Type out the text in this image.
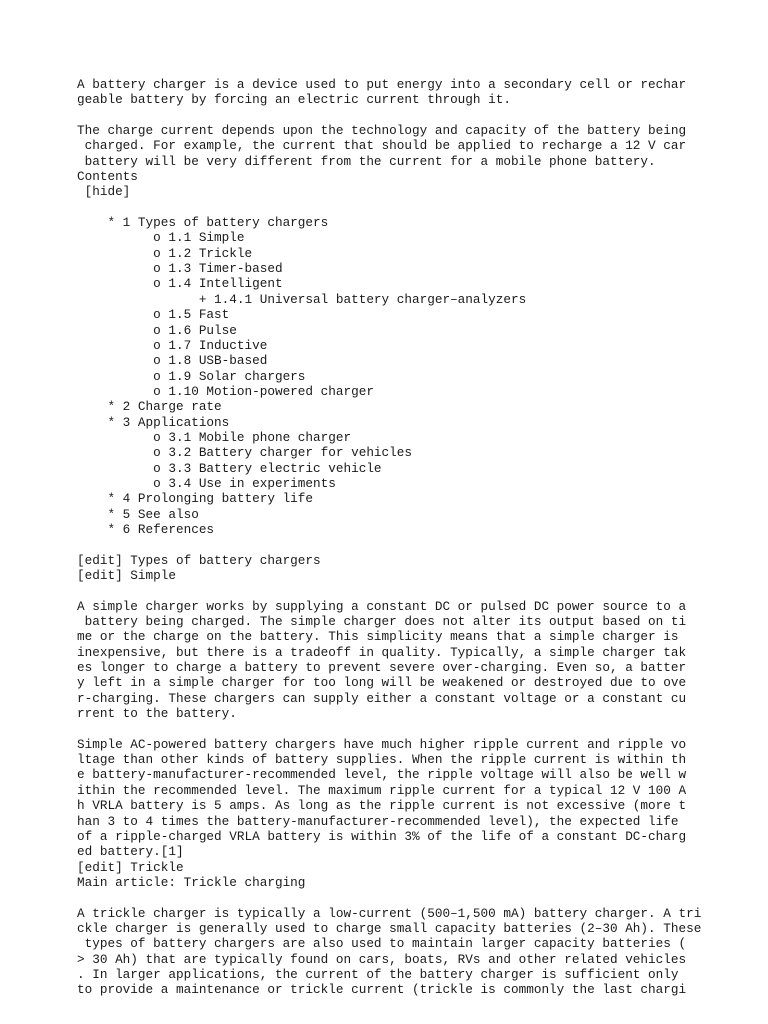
A battery charger is a device used to put energy into a secondary cell or rechar
geable battery by forcing an electric current through it.
The charge current depends upon the technology and capacity of the battery being
charged. For example, the current that should be applied to recharge a 12 V car
battery will be very different from the current for a mobile phone battery.
Contents
[hide]
* 1 Types of battery chargers
o 1.1 Simple
o 1.2 Trickle
o 1.3 Timer-based
o 1.4 Intelligent
+ 1.4.1 Universal battery charger–analyzers
o 1.5 Fast
o 1.6 Pulse
o 1.7 Inductive
o 1.8 USB-based
o 1.9 Solar chargers
o 1.10 Motion-powered charger
* 2 Charge rate
* 3 Applications
o 3.1 Mobile phone charger
o 3.2 Battery charger for vehicles
o 3.3 Battery electric vehicle
o 3.4 Use in experiments
* 4 Prolonging battery life
* 5 See also
* 6 References
[edit] Types of battery chargers
[edit] Simple
A simple charger works by supplying a constant DC or pulsed DC power source to a
battery being charged. The simple charger does not alter its output based on ti
me or the charge on the battery. This simplicity means that a simple charger is
inexpensive, but there is a tradeoff in quality. Typically, a simple charger tak
es longer to charge a battery to prevent severe over-charging. Even so, a batter
y left in a simple charger for too long will be weakened or destroyed due to ove
r-charging. These chargers can supply either a constant voltage or a constant cu
rrent to the battery.
Simple AC-powered battery chargers have much higher ripple current and ripple vo
ltage than other kinds of battery supplies. When the ripple current is within th
e battery-manufacturer-recommended level, the ripple voltage will also be well w
ithin the recommended level. The maximum ripple current for a typical 12 V 100 A
h VRLA battery is 5 amps. As long as the ripple current is not excessive (more t
han 3 to 4 times the battery-manufacturer-recommended level), the expected life
of a ripple-charged VRLA battery is within 3% of the life of a constant DC-charg
ed battery.[1]
[edit] Trickle
Main article: Trickle charging
A trickle charger is typically a low-current (500–1,500 mA) battery charger. A tri
ckle charger is generally used to charge small capacity batteries (2–30 Ah). These
types of battery chargers are also used to maintain larger capacity batteries (
> 30 Ah) that are typically found on cars, boats, RVs and other related vehicles
. In larger applications, the current of the battery charger is sufficient only
to provide a maintenance or trickle current (trickle is commonly the last chargi
